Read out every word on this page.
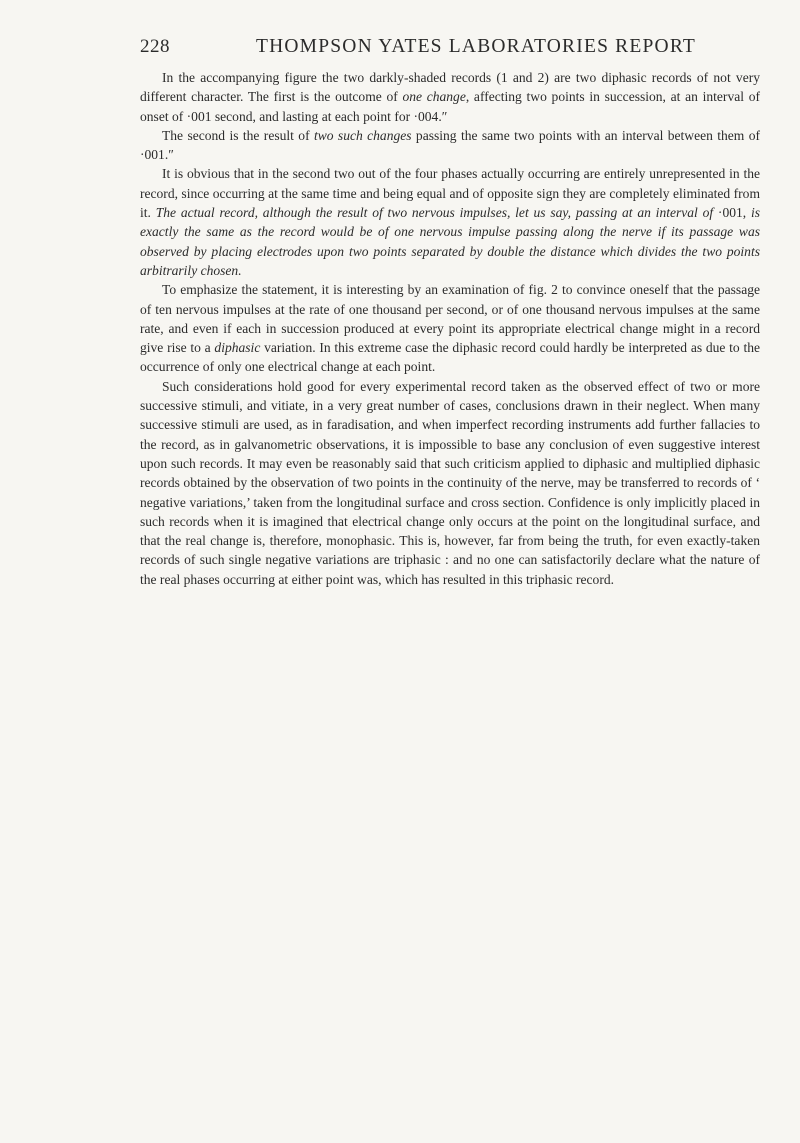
228	THOMPSON YATES LABORATORIES REPORT

In the accompanying figure the two darkly-shaded records (1 and 2) are two diphasic records of not very different character. The first is the outcome of one change, affecting two points in succession, at an interval of onset of ·001 second, and lasting at each point for ·004.″

The second is the result of two such changes passing the same two points with an interval between them of ·001.″

It is obvious that in the second two out of the four phases actually occurring are entirely unrepresented in the record, since occurring at the same time and being equal and of opposite sign they are completely eliminated from it. The actual record, although the result of two nervous impulses, let us say, passing at an interval of ·001, is exactly the same as the record would be of one nervous impulse passing along the nerve if its passage was observed by placing electrodes upon two points separated by double the distance which divides the two points arbitrarily chosen.

To emphasize the statement, it is interesting by an examination of fig. 2 to convince oneself that the passage of ten nervous impulses at the rate of one thousand per second, or of one thousand nervous impulses at the same rate, and even if each in succession produced at every point its appropriate electrical change might in a record give rise to a diphasic variation. In this extreme case the diphasic record could hardly be interpreted as due to the occurrence of only one electrical change at each point.

Such considerations hold good for every experimental record taken as the observed effect of two or more successive stimuli, and vitiate, in a very great number of cases, conclusions drawn in their neglect. When many successive stimuli are used, as in faradisation, and when imperfect recording instruments add further fallacies to the record, as in galvanometric observations, it is impossible to base any conclusion of even suggestive interest upon such records. It may even be reasonably said that such criticism applied to diphasic and multiplied diphasic records obtained by the observation of two points in the continuity of the nerve, may be transferred to records of ‘ negative variations,’ taken from the longitudinal surface and cross section. Confidence is only implicitly placed in such records when it is imagined that electrical change only occurs at the point on the longitudinal surface, and that the real change is, therefore, monophasic. This is, however, far from being the truth, for even exactly-taken records of such single negative variations are triphasic : and no one can satisfactorily declare what the nature of the real phases occurring at either point was, which has resulted in this triphasic record.
